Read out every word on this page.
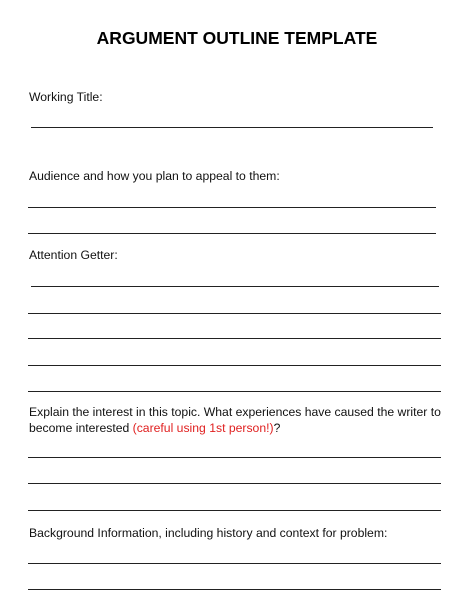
ARGUMENT OUTLINE TEMPLATE
Working Title:
Audience and how you plan to appeal to them:
Attention Getter:
Explain the interest in this topic. What experiences have caused the writer to
become interested (careful using 1st person!)?
Background Information, including history and context for problem:
